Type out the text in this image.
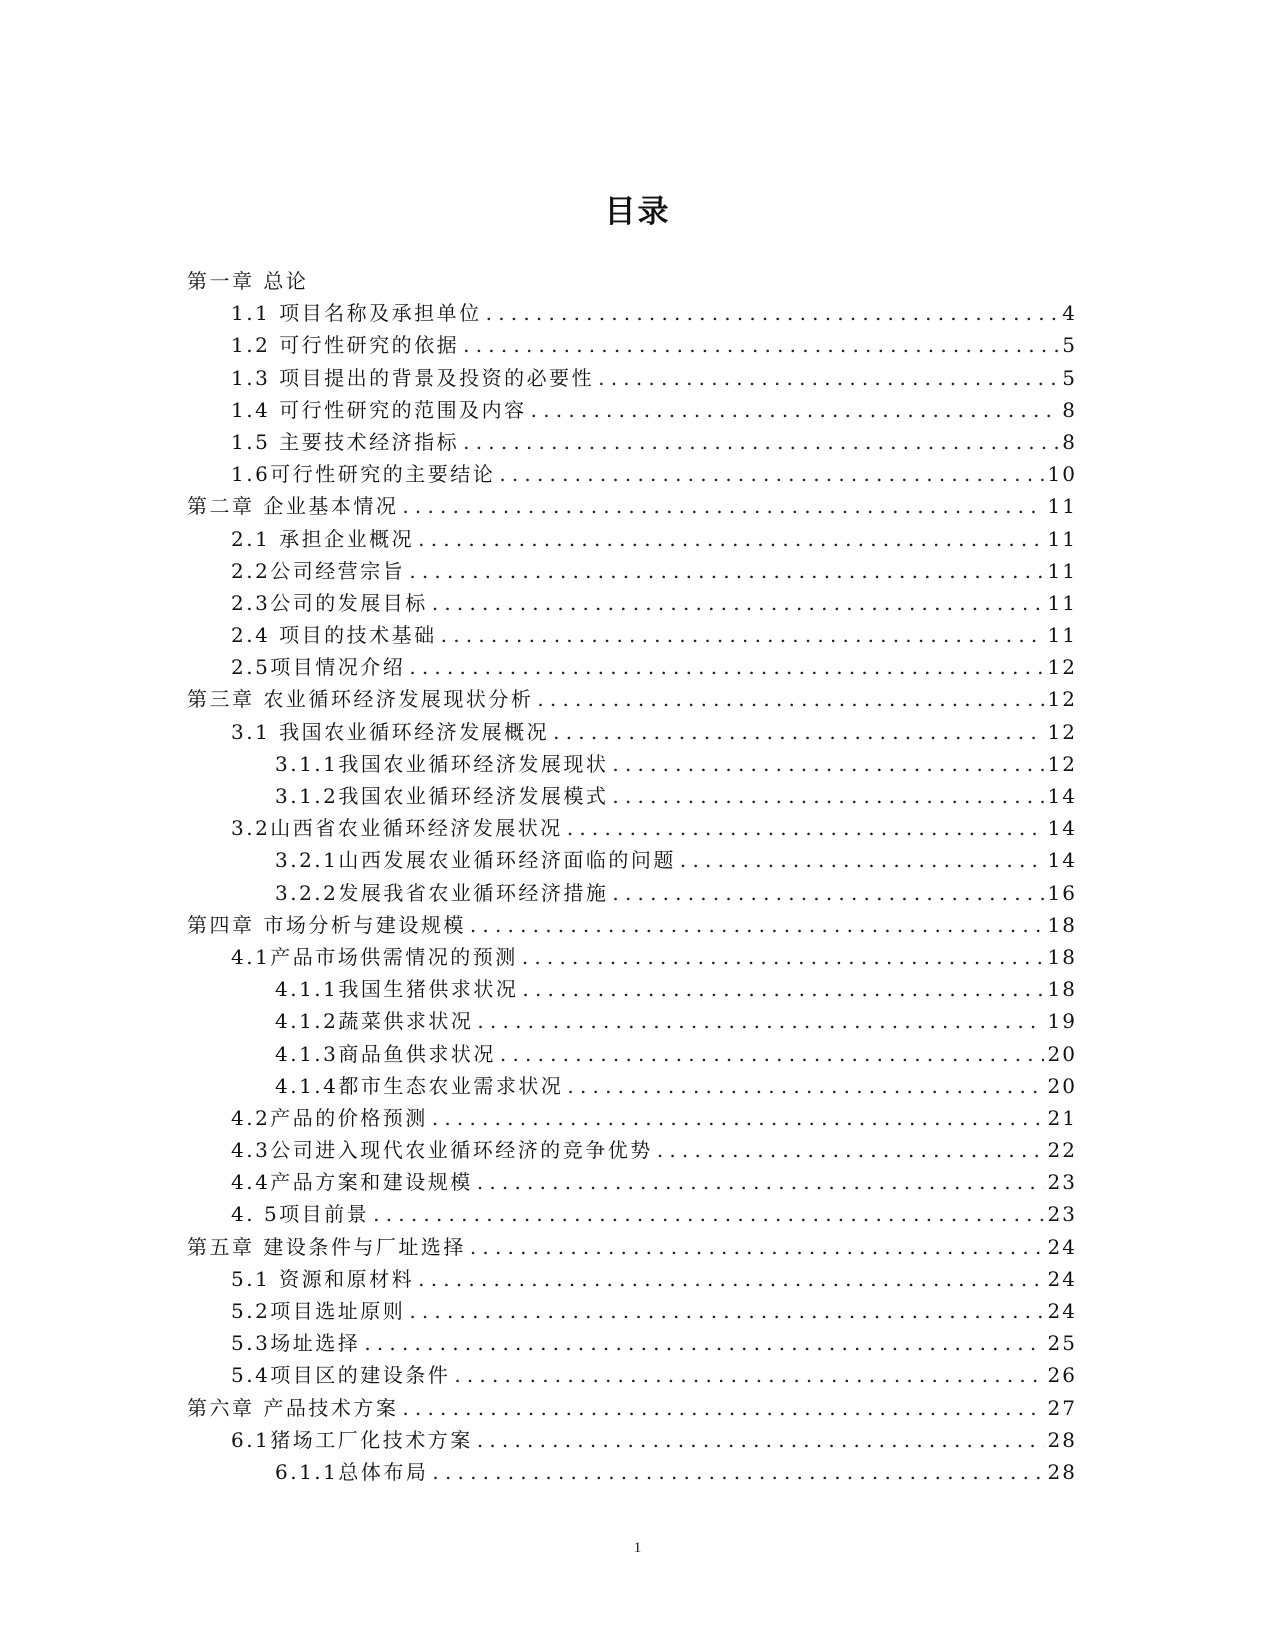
目录
第一章 总论
1.1 项目名称及承担单位 .....	4
1.2 可行性研究的依据 .....	5
1.3 项目提出的背景及投资的必要性 .....	5
1.4 可行性研究的范围及内容 .....	8
1.5 主要技术经济指标 .....	8
1.6可行性研究的主要结论 .....	10
第二章 企业基本情况 .....	11
2.1 承担企业概况 .....	11
2.2公司经营宗旨 .....	11
2.3公司的发展目标 .....	11
2.4 项目的技术基础 .....	11
2.5项目情况介绍 .....	12
第三章 农业循环经济发展现状分析 .....	12
3.1 我国农业循环经济发展概况 .....	12
3.1.1我国农业循环经济发展现状 .....	12
3.1.2我国农业循环经济发展模式 .....	14
3.2山西省农业循环经济发展状况 .....	14
3.2.1山西发展农业循环经济面临的问题 .....	14
3.2.2发展我省农业循环经济措施 .....	16
第四章 市场分析与建设规模 .....	18
4.1产品市场供需情况的预测 .....	18
4.1.1我国生猪供求状况 .....	18
4.1.2蔬菜供求状况 .....	19
4.1.3商品鱼供求状况 .....	20
4.1.4都市生态农业需求状况 .....	20
4.2产品的价格预测 .....	21
4.3公司进入现代农业循环经济的竞争优势 .....	22
4.4产品方案和建设规模 .....	23
4. 5项目前景 .....	23
第五章 建设条件与厂址选择 .....	24
5.1 资源和原材料 .....	24
5.2项目选址原则 .....	24
5.3场址选择 .....	25
5.4项目区的建设条件 .....	26
第六章 产品技术方案 .....	27
6.1猪场工厂化技术方案 .....	28
6.1.1总体布局 .....	28
1
